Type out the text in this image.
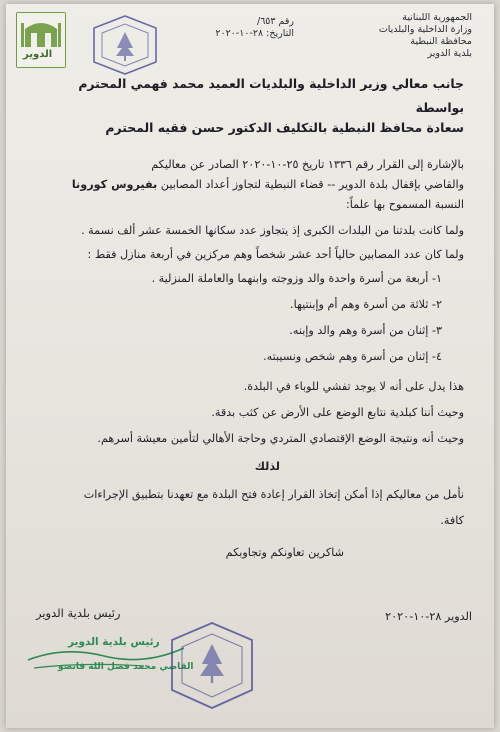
الجمهورية اللبنانية
وزارة الداخلية والبلديات
محافظة النبطية
بلدية الدوير
رقم ٦٥٣/
التاريخ: ٢٨-١٠-٢٠٢٠
الدوير
جانب معالي وزير الداخلية والبلديات العميد محمد فهمي المحترم
بواسطة
سعادة محافظ النبطية بالتكليف الدكتور حسن فقيه المحترم
بالإشارة إلى القرار رقم ١٣٣٦ تاريخ ٢٥-١٠-٢٠٢٠ الصادر عن معاليكم
والقاضي بإقفال بلدة الدوير -- قضاء النبطية لتجاوز أعداد المصابين بفيروس كورونا
النسبة المسموح بها علماً:
ولما كانت بلدتنا من البلدات الكبرى إذ يتجاوز عدد سكانها الخمسة عشر ألف نسمة .
ولما كان عدد المصابين حالياً أحد عشر شخصاً وهم مركزين في أربعة منازل فقط :
١- أربعة من أسرة واحدة والد وزوجته وابنهما والعاملة المنزلية .
٢- ثلاثة من أسرة وهم أم وإبنتيها.
٣- إثنان من أسرة وهم والد وإبنه.
٤- إثنان من أسرة وهم شخص ونسيبته.
هذا يدل على أنه لا يوجد تفشي للوباء في البلدة.
وحيث أننا كبلدية نتابع الوضع على الأرض عن كثب بدقة.
وحيث أنه ونتيجة الوضع الإقتصادي المتردي وحاجة الأهالي لتأمين معيشة أسرهم.
لذلك
نأمل من معاليكم إذا أمكن إتخاذ القرار إعادة فتح البلدة مع تعهدنا بتطبيق الإجراءات
كافة.
شاكرين تعاونكم وتجاوبكم
الدوير ٢٨-١٠-٢٠٢٠
رئيس بلدية الدوير
رئيس بلدية الدوير
القاضي محمد فضل الله قانصو
